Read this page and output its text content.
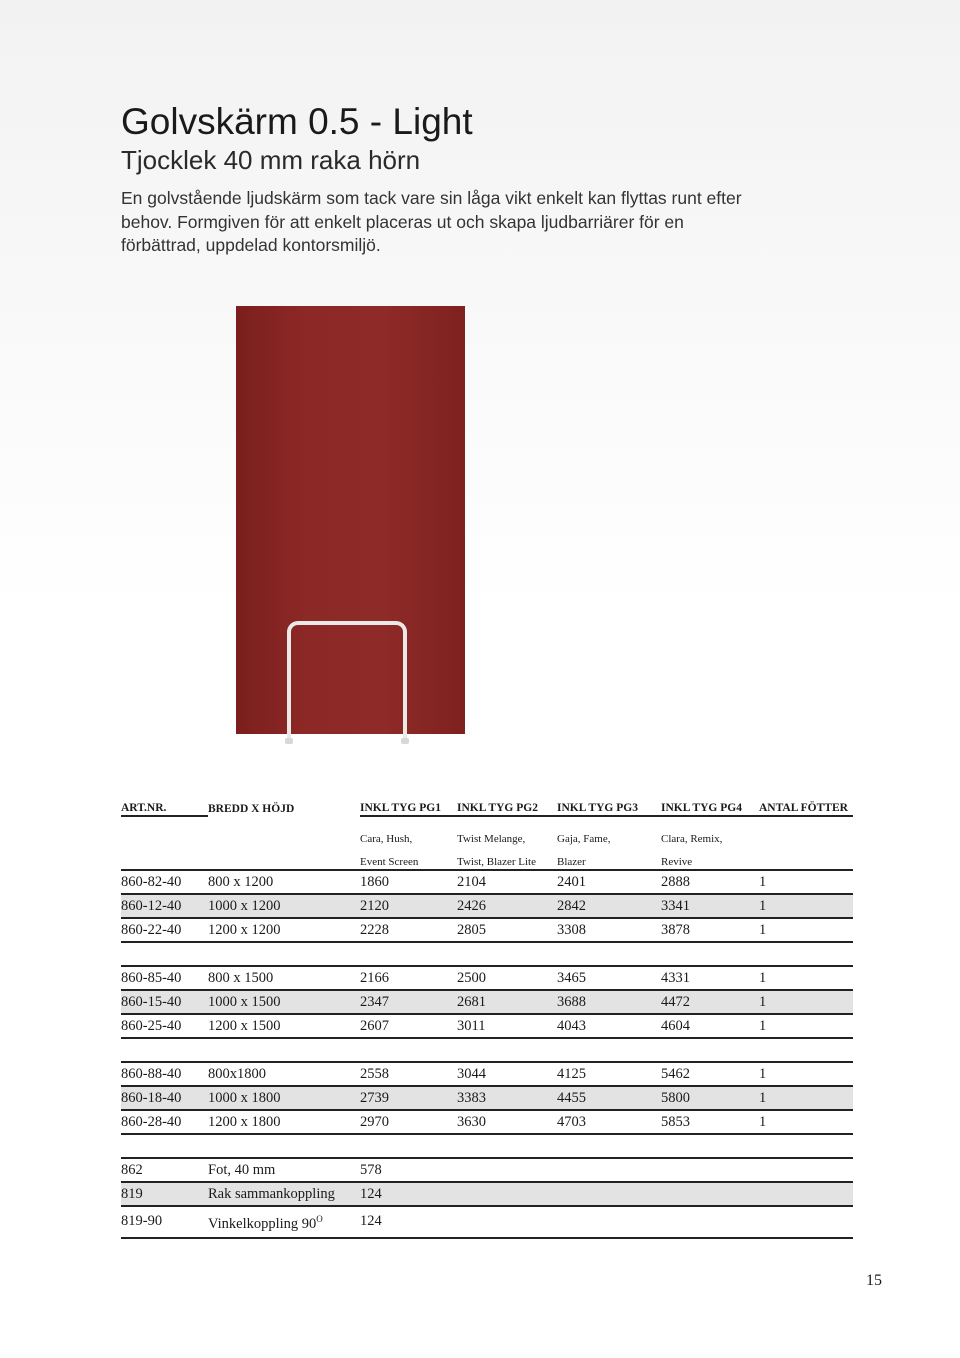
Golvskärm 0.5 - Light
Tjocklek 40 mm raka hörn

En golvstående ljudskärm som tack vare sin låga vikt enkelt kan flyttas runt efter behov. Formgiven för att enkelt placeras ut och skapa ljudbarriärer för en förbättrad, uppdelad kontorsmiljö.

ART.NR.	BREDD X HÖJD	INKL TYG PG1	INKL TYG PG2	INKL TYG PG3	INKL TYG PG4	ANTAL FÖTTER
		Cara, Hush,	Twist Melange,	Gaja, Fame,	Clara, Remix,	
		Event Screen	Twist, Blazer Lite	Blazer	Revive	
860-82-40	800 x 1200	1860	2104	2401	2888	1
860-12-40	1000 x 1200	2120	2426	2842	3341	1
860-22-40	1200 x 1200	2228	2805	3308	3878	1

860-85-40	800 x 1500	2166	2500	3465	4331	1
860-15-40	1000 x 1500	2347	2681	3688	4472	1
860-25-40	1200 x 1500	2607	3011	4043	4604	1

860-88-40	800x1800	2558	3044	4125	5462	1
860-18-40	1000 x 1800	2739	3383	4455	5800	1
860-28-40	1200 x 1800	2970	3630	4703	5853	1

862	Fot, 40 mm	578				
819	Rak sammankoppling	124				
819-90	Vinkelkoppling $90^O$	124				
15
